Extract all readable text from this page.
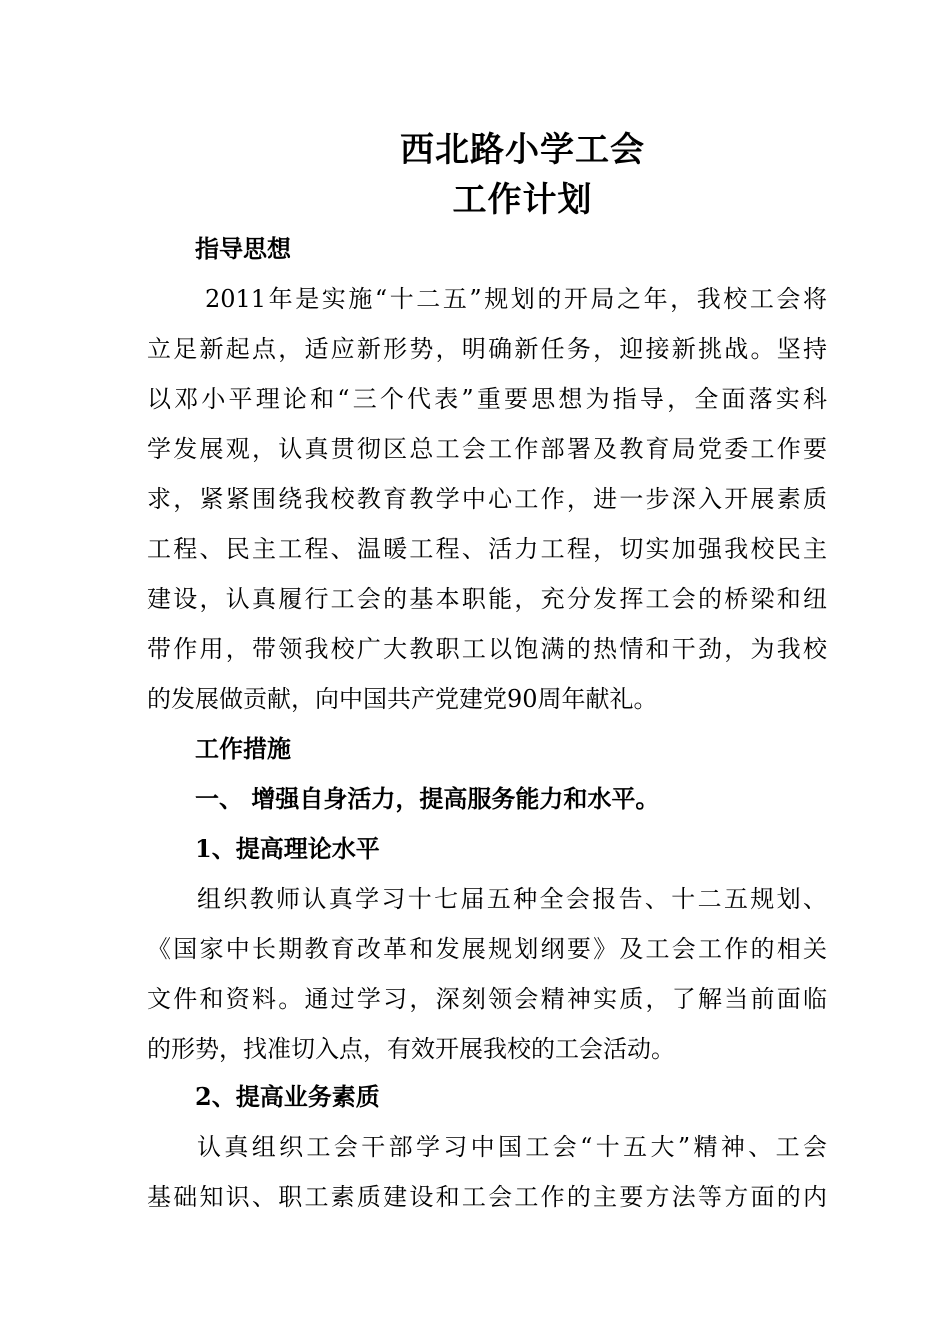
西北路小学工会
工作计划
指导思想
2011年是实施“十二五”规划的开局之年，我校工会将
立足新起点，适应新形势，明确新任务，迎接新挑战。坚持
以邓小平理论和“三个代表”重要思想为指导，全面落实科
学发展观，认真贯彻区总工会工作部署及教育局党委工作要
求，紧紧围绕我校教育教学中心工作，进一步深入开展素质
工程、民主工程、温暖工程、活力工程，切实加强我校民主
建设，认真履行工会的基本职能，充分发挥工会的桥梁和纽
带作用，带领我校广大教职工以饱满的热情和干劲，为我校
的发展做贡献，向中国共产党建党90周年献礼。
工作措施
一、 增强自身活力，提高服务能力和水平。
1、提高理论水平
组织教师认真学习十七届五种全会报告、十二五规划、
《国家中长期教育改革和发展规划纲要》及工会工作的相关
文件和资料。通过学习，深刻领会精神实质，了解当前面临
的形势，找准切入点，有效开展我校的工会活动。
2、提高业务素质
认真组织工会干部学习中国工会“十五大”精神、工会
基础知识、职工素质建设和工会工作的主要方法等方面的内
